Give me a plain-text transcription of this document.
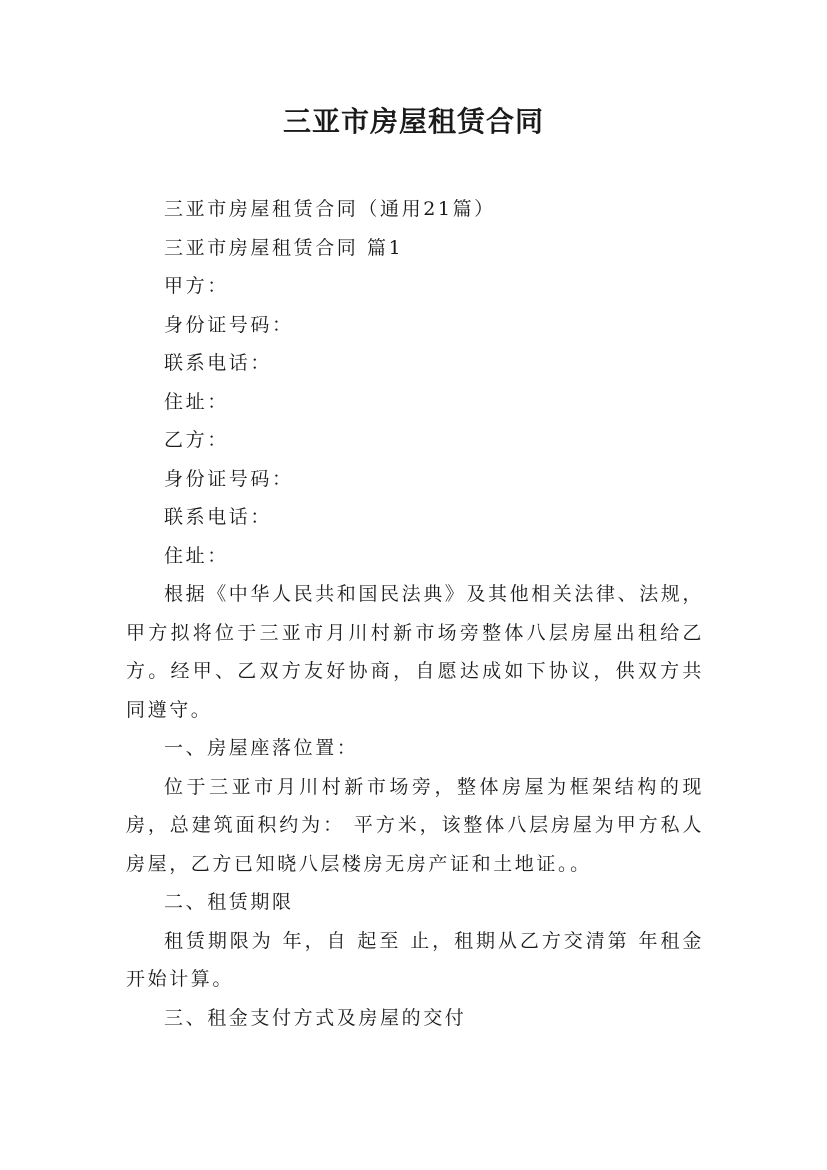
三亚市房屋租赁合同

三亚市房屋租赁合同（通用21篇）

三亚市房屋租赁合同 篇1

甲方：

身份证号码：

联系电话：

住址：

乙方：

身份证号码：

联系电话：

住址：

根据《中华人民共和国民法典》及其他相关法律、法规，甲方拟将位于三亚市月川村新市场旁整体八层房屋出租给乙方。经甲、乙双方友好协商，自愿达成如下协议，供双方共同遵守。

一、房屋座落位置：

位于三亚市月川村新市场旁，整体房屋为框架结构的现房，总建筑面积约为： 平方米，该整体八层房屋为甲方私人房屋，乙方已知晓八层楼房无房产证和土地证。。

二、租赁期限

租赁期限为 年，自 起至 止，租期从乙方交清第 年租金开始计算。

三、租金支付方式及房屋的交付
